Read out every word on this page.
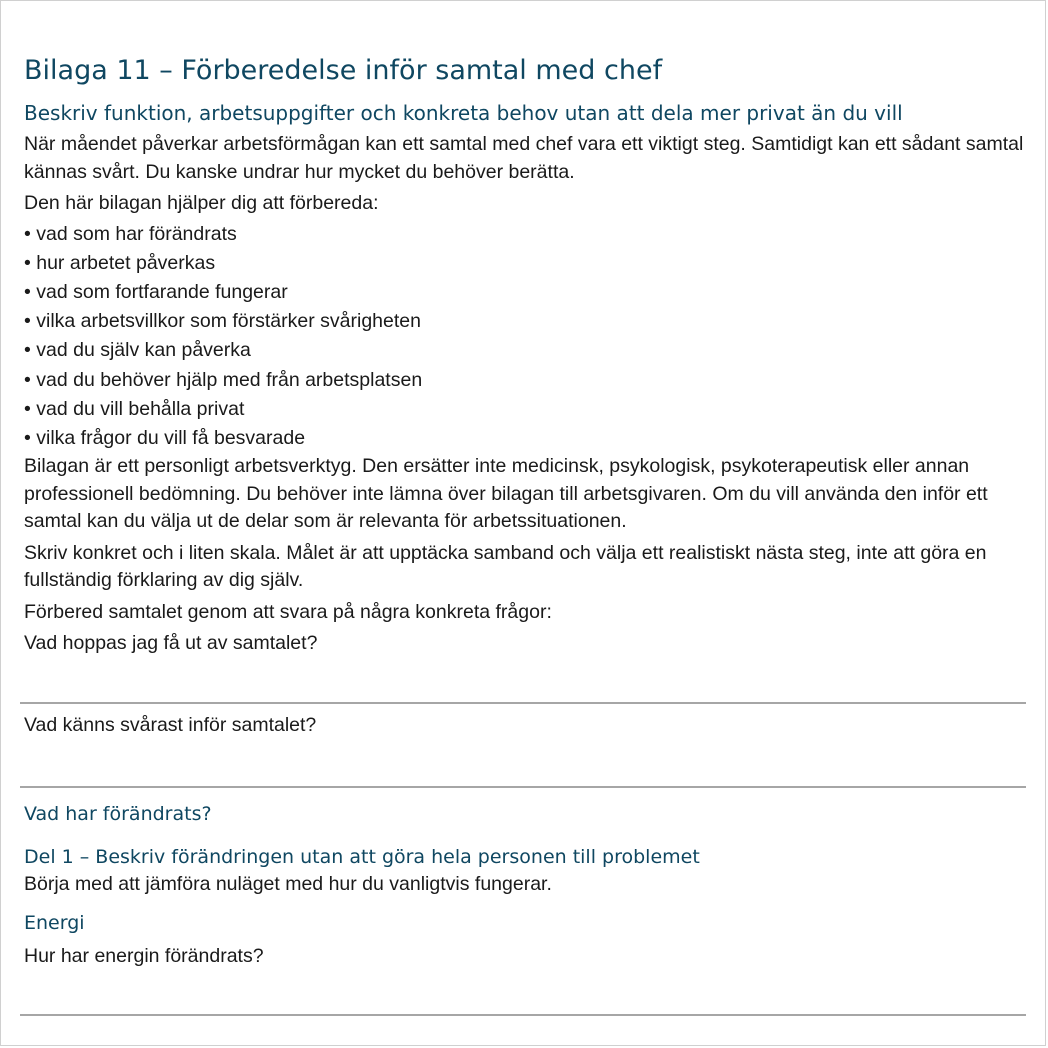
Bilaga 11 – Förberedelse inför samtal med chef
Beskriv funktion, arbetsuppgifter och konkreta behov utan att dela mer privat än du vill

När måendet påverkar arbetsförmågan kan ett samtal med chef vara ett viktigt steg. Samtidigt kan ett sådant samtal kännas svårt. Du kanske undrar hur mycket du behöver berätta.

Den här bilagan hjälper dig att förbereda:

• vad som har förändrats
• hur arbetet påverkas
• vad som fortfarande fungerar
• vilka arbetsvillkor som förstärker svårigheten
• vad du själv kan påverka
• vad du behöver hjälp med från arbetsplatsen
• vad du vill behålla privat
• vilka frågor du vill få besvarade

Bilagan är ett personligt arbetsverktyg. Den ersätter inte medicinsk, psykologisk, psykoterapeutisk eller annan professionell bedömning. Du behöver inte lämna över bilagan till arbetsgivaren. Om du vill använda den inför ett samtal kan du välja ut de delar som är relevanta för arbetssituationen.

Skriv konkret och i liten skala. Målet är att upptäcka samband och välja ett realistiskt nästa steg, inte att göra en fullständig förklaring av dig själv.

Förbered samtalet genom att svara på några konkreta frågor:

Vad hoppas jag få ut av samtalet?

Vad känns svårast inför samtalet?

Vad har förändrats?
Del 1 – Beskriv förändringen utan att göra hela personen till problemet

Börja med att jämföra nuläget med hur du vanligtvis fungerar.

Energi

Hur har energin förändrats?
